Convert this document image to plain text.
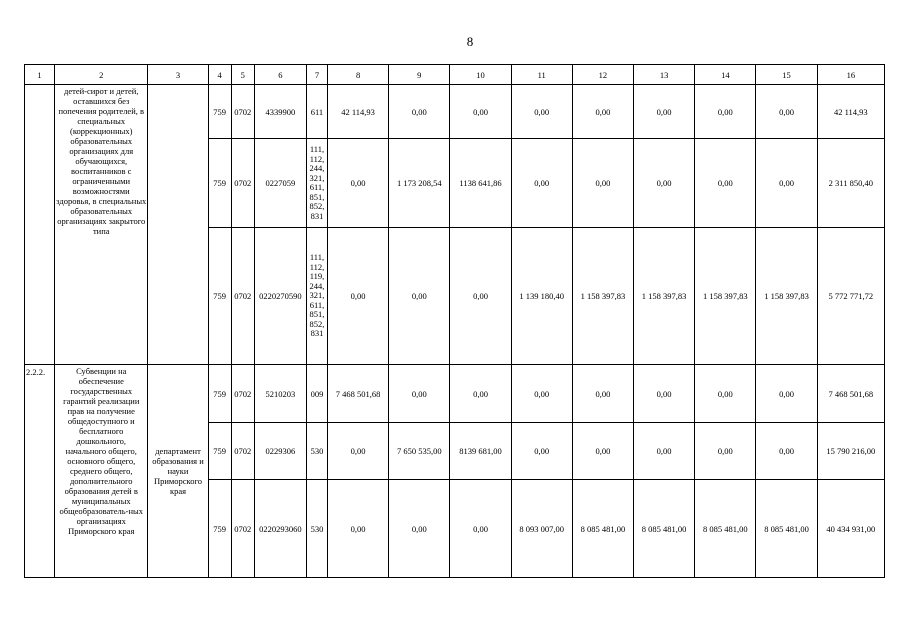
8
1	2	3	4	5	6	7	8	9	10	11	12	13	14	15	16
	детей-сирот и детей, оставшихся без попечения родителей, в специальных (коррекционных) образовательных организациях для обучающихся, воспитанников с ограниченными возможностями здоровья, в специальных образовательных организациях закрытого типа		759	0702	4339900	611	42 114,93	0,00	0,00	0,00	0,00	0,00	0,00	0,00	42 114,93
			759	0702	0227059	111, 112, 244, 321, 611, 851, 852, 831	0,00	1 173 208,54	1138 641,86	0,00	0,00	0,00	0,00	0,00	2 311 850,40
			759	0702	0220270590	111, 112, 119, 244, 321, 611, 851, 852, 831	0,00	0,00	0,00	1 139 180,40	1 158 397,83	1 158 397,83	1 158 397,83	1 158 397,83	5 772 771,72
2.2.2.	Субвенции на обеспечение государственных гарантий реализации прав на получение общедоступного и бесплатного дошкольного, начального общего, основного общего, среднего общего, дополнительного образования детей в муниципальных общеобразователь-ных организациях Приморского края	департамент образования и науки Приморского края	759	0702	5210203	009	7 468 501,68	0,00	0,00	0,00	0,00	0,00	0,00	0,00	7 468 501,68
			759	0702	0229306	530	0,00	7 650 535,00	8139 681,00	0,00	0,00	0,00	0,00	0,00	15 790 216,00
			759	0702	0220293060	530	0,00	0,00	0,00	8 093 007,00	8 085 481,00	8 085 481,00	8 085 481,00	8 085 481,00	40 434 931,00
